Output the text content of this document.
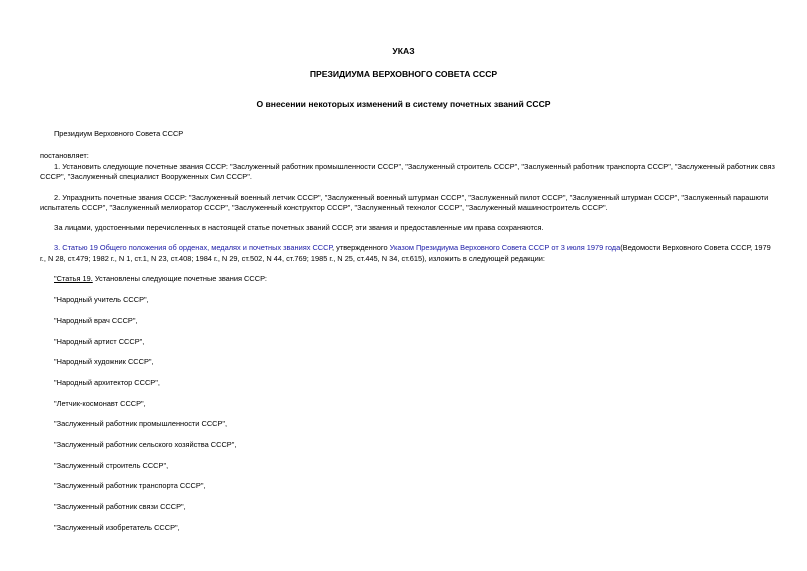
УКАЗ

ПРЕЗИДИУМА ВЕРХОВНОГО СОВЕТА СССР

О внесении некоторых изменений в систему почетных званий СССР

Президиум Верховного Совета СССР

постановляет:

1. Установить следующие почетные звания СССР: "Заслуженный работник промышленности СССР", "Заслуженный строитель СССР", "Заслуженный работник транспорта СССР", "Заслуженный работник связ

СССР", "Заслуженный специалист Вооруженных Сил СССР".

2. Упразднить почетные звания СССР: "Заслуженный военный летчик СССР", "Заслуженный военный штурман СССР", "Заслуженный пилот СССР", "Заслуженный штурман СССР", "Заслуженный парашюти

испытатель СССР", "Заслуженный мелиоратор СССР", "Заслуженный конструктор СССР", "Заслуженный технолог СССР", "Заслуженный машиностроитель СССР".

За лицами, удостоенными перечисленных в настоящей статье почетных званий СССР, эти звания и предоставленные им права сохраняются.

3. Статью 19 Общего положения об орденах, медалях и почетных званиях СССР, утвержденного Указом Президиума Верховного Совета СССР от 3 июля 1979 года(Ведомости Верховного Совета СССР, 1979

г., N 28, ст.479; 1982 г., N 1, ст.1, N 23, ст.408; 1984 г., N 29, ст.502, N 44, ст.769; 1985 г., N 25, ст.445, N 34, ст.615), изложить в следующей редакции:

"Статья 19. Установлены следующие почетные звания СССР:

"Народный учитель СССР",

"Народный врач СССР",

"Народный артист СССР",

"Народный художник СССР",

"Народный архитектор СССР",

"Летчик-космонавт СССР",

"Заслуженный работник промышленности СССР",

"Заслуженный работник сельского хозяйства СССР",

"Заслуженный строитель СССР",

"Заслуженный работник транспорта СССР",

"Заслуженный работник связи СССР",

"Заслуженный изобретатель СССР",
